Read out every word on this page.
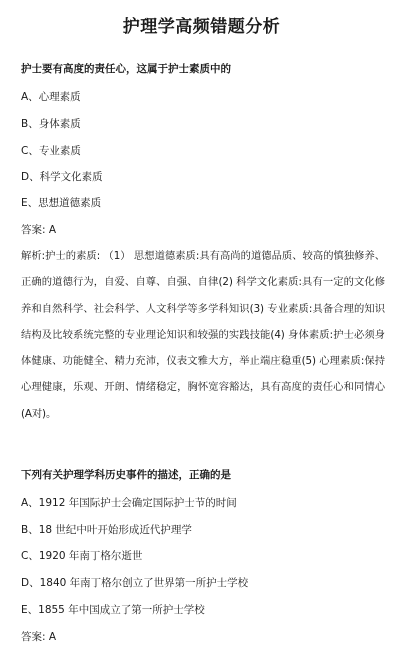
护理学高频错题分析
护士要有高度的责任心，这属于护士素质中的
A、心理素质
B、身体素质
C、专业素质
D、科学文化素质
E、思想道德素质
答案: A
解析:护士的素质: （1） 思想道德素质:具有高尚的道德品质、较高的慎独修养、正确的道德行为，自爱、自尊、自强、自律(2) 科学文化素质:具有一定的文化修养和自然科学、社会科学、人文科学等多学科知识(3) 专业素质:具备合理的知识结构及比较系统完整的专业理论知识和较强的实践技能(4) 身体素质:护士必须身体健康、功能健全、精力充沛，仪表文雅大方，举止端庄稳重(5) 心理素质:保持心理健康，乐观、开朗、情绪稳定，胸怀宽容豁达，具有高度的责任心和同情心(A对)。
下列有关护理学科历史事件的描述，正确的是
A、1912 年国际护士会确定国际护士节的时间
B、18 世纪中叶开始形成近代护理学
C、1920 年南丁格尔逝世
D、1840 年南丁格尔创立了世界第一所护士学校
E、1855 年中国成立了第一所护士学校
答案: A
